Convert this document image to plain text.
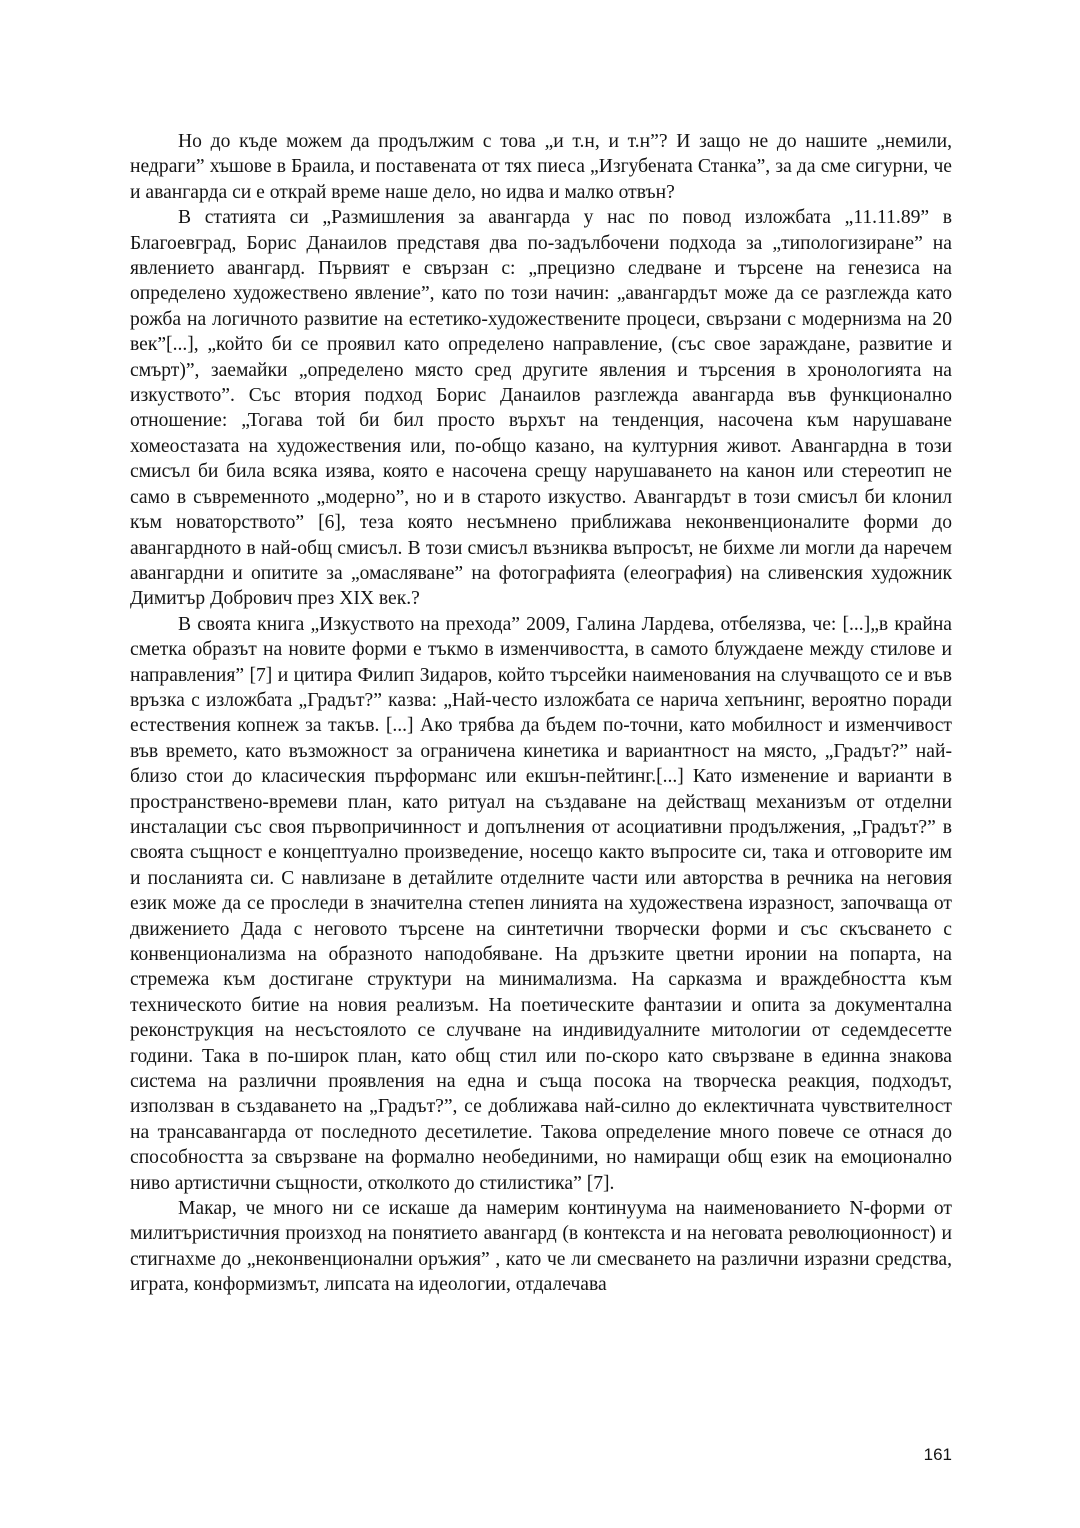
Но до къде можем да продължим с това „и т.н, и т.н”? И защо не до нашите „немили, недраги” хъшове в Браила, и поставената от тях пиеса „Изгубената Станка”, за да сме сигурни, че и авангарда си е открай време наше дело, но идва и малко отвън?

В статията си „Размишления за авангарда у нас по повод изложбата „11.11.89” в Благоевград, Борис Данаилов представя два по-задълбочени подхода за „типологизиране” на явлението авангард. Първият е свързан с: „прецизно следване и търсене на генезиса на определено художествено явление”, като по този начин: „авангардът може да се разглежда като рожба на логичното развитие на естетико-художествените процеси, свързани с модернизма на 20 век”[...], „който би се проявил като определено направление, (със свое зараждане, развитие и смърт)”, заемайки „определено място сред другите явления и търсения в хронологията на изкуството”. Със втория подход Борис Данаилов разглежда авангарда във функционално отношение: „Тогава той би бил просто върхът на тенденция, насочена към нарушаване хомеостазата на художествения или, по-общо казано, на културния живот. Авангардна в този смисъл би била всяка изява, която е насочена срещу нарушаването на канон или стереотип не само в съвременното „модерно”, но и в старото изкуство. Авангардът в този смисъл би клонил към новаторството” [6], теза която несъмнено приближава неконвенционалите форми до авангардното в най-общ смисъл. В този смисъл възниква въпросът, не бихме ли могли да наречем авангардни и опитите за „омасляване” на фотографията (елеография) на сливенския художник Димитър Добрович през XIX век.?

В своята книга „Изкуството на прехода” 2009, Галина Лардева, отбелязва, че: [...]„в крайна сметка образът на новите форми е тъкмо в изменчивостта, в самото блуждаене между стилове и направления” [7] и цитира Филип Зидаров, който търсейки наименования на случващото се и във връзка с изложбата „Градът?” казва: „Най-често изложбата се нарича хепънинг, вероятно поради естествения копнеж за такъв. [...] Ако трябва да бъдем по-точни, като мобилност и изменчивост във времето, като възможност за ограничена кинетика и вариантност на място, „Градът?” най-близо стои до класическия пърформанс или екшън-пейтинг.[...] Като изменение и варианти в пространствено-времеви план, като ритуал на създаване на действащ механизъм от отделни инсталации със своя първопричинност и допълнения от асоциативни продължения, „Градът?” в своята същност е концептуално произведение, носещо както въпросите си, така и отговорите им и посланията си. С навлизане в детайлите отделните части или авторства в речника на неговия език може да се проследи в значителна степен линията на художествена изразност, започваща от движението Дада с неговото търсене на синтетични творчески форми и със скъсването с конвенционализма на образното наподобяване. На дръзките цветни иронии на попарта, на стремежа към достигане структури на минимализма. На сарказма и враждебността към техническото битие на новия реализъм. На поетическите фантазии и опита за документална реконструкция на несъстоялото се случване на индивидуалните митологии от седемдесетте години. Така в по-широк план, като общ стил или по-скоро като свързване в единна знакова система на различни проявления на една и съща посока на творческа реакция, подходът, използван в създаването на „Градът?”, се доближава най-силно до еклектичната чувствителност на трансавангарда от последното десетилетие. Такова определение много повече се отнася до способността за свързване на формално необединими, но намиращи общ език на емоционално ниво артистични същности, отколкото до стилистика” [7].

Макар, че много ни се искаше да намерим континуума на наименованието N-форми от милитъристичния произход на понятието авангард (в контекста и на неговата революционност) и стигнахме до „неконвенционални оръжия” , като че ли смесването на различни изразни средства, играта, конформизмът, липсата на идеологии, отдалечава

161
